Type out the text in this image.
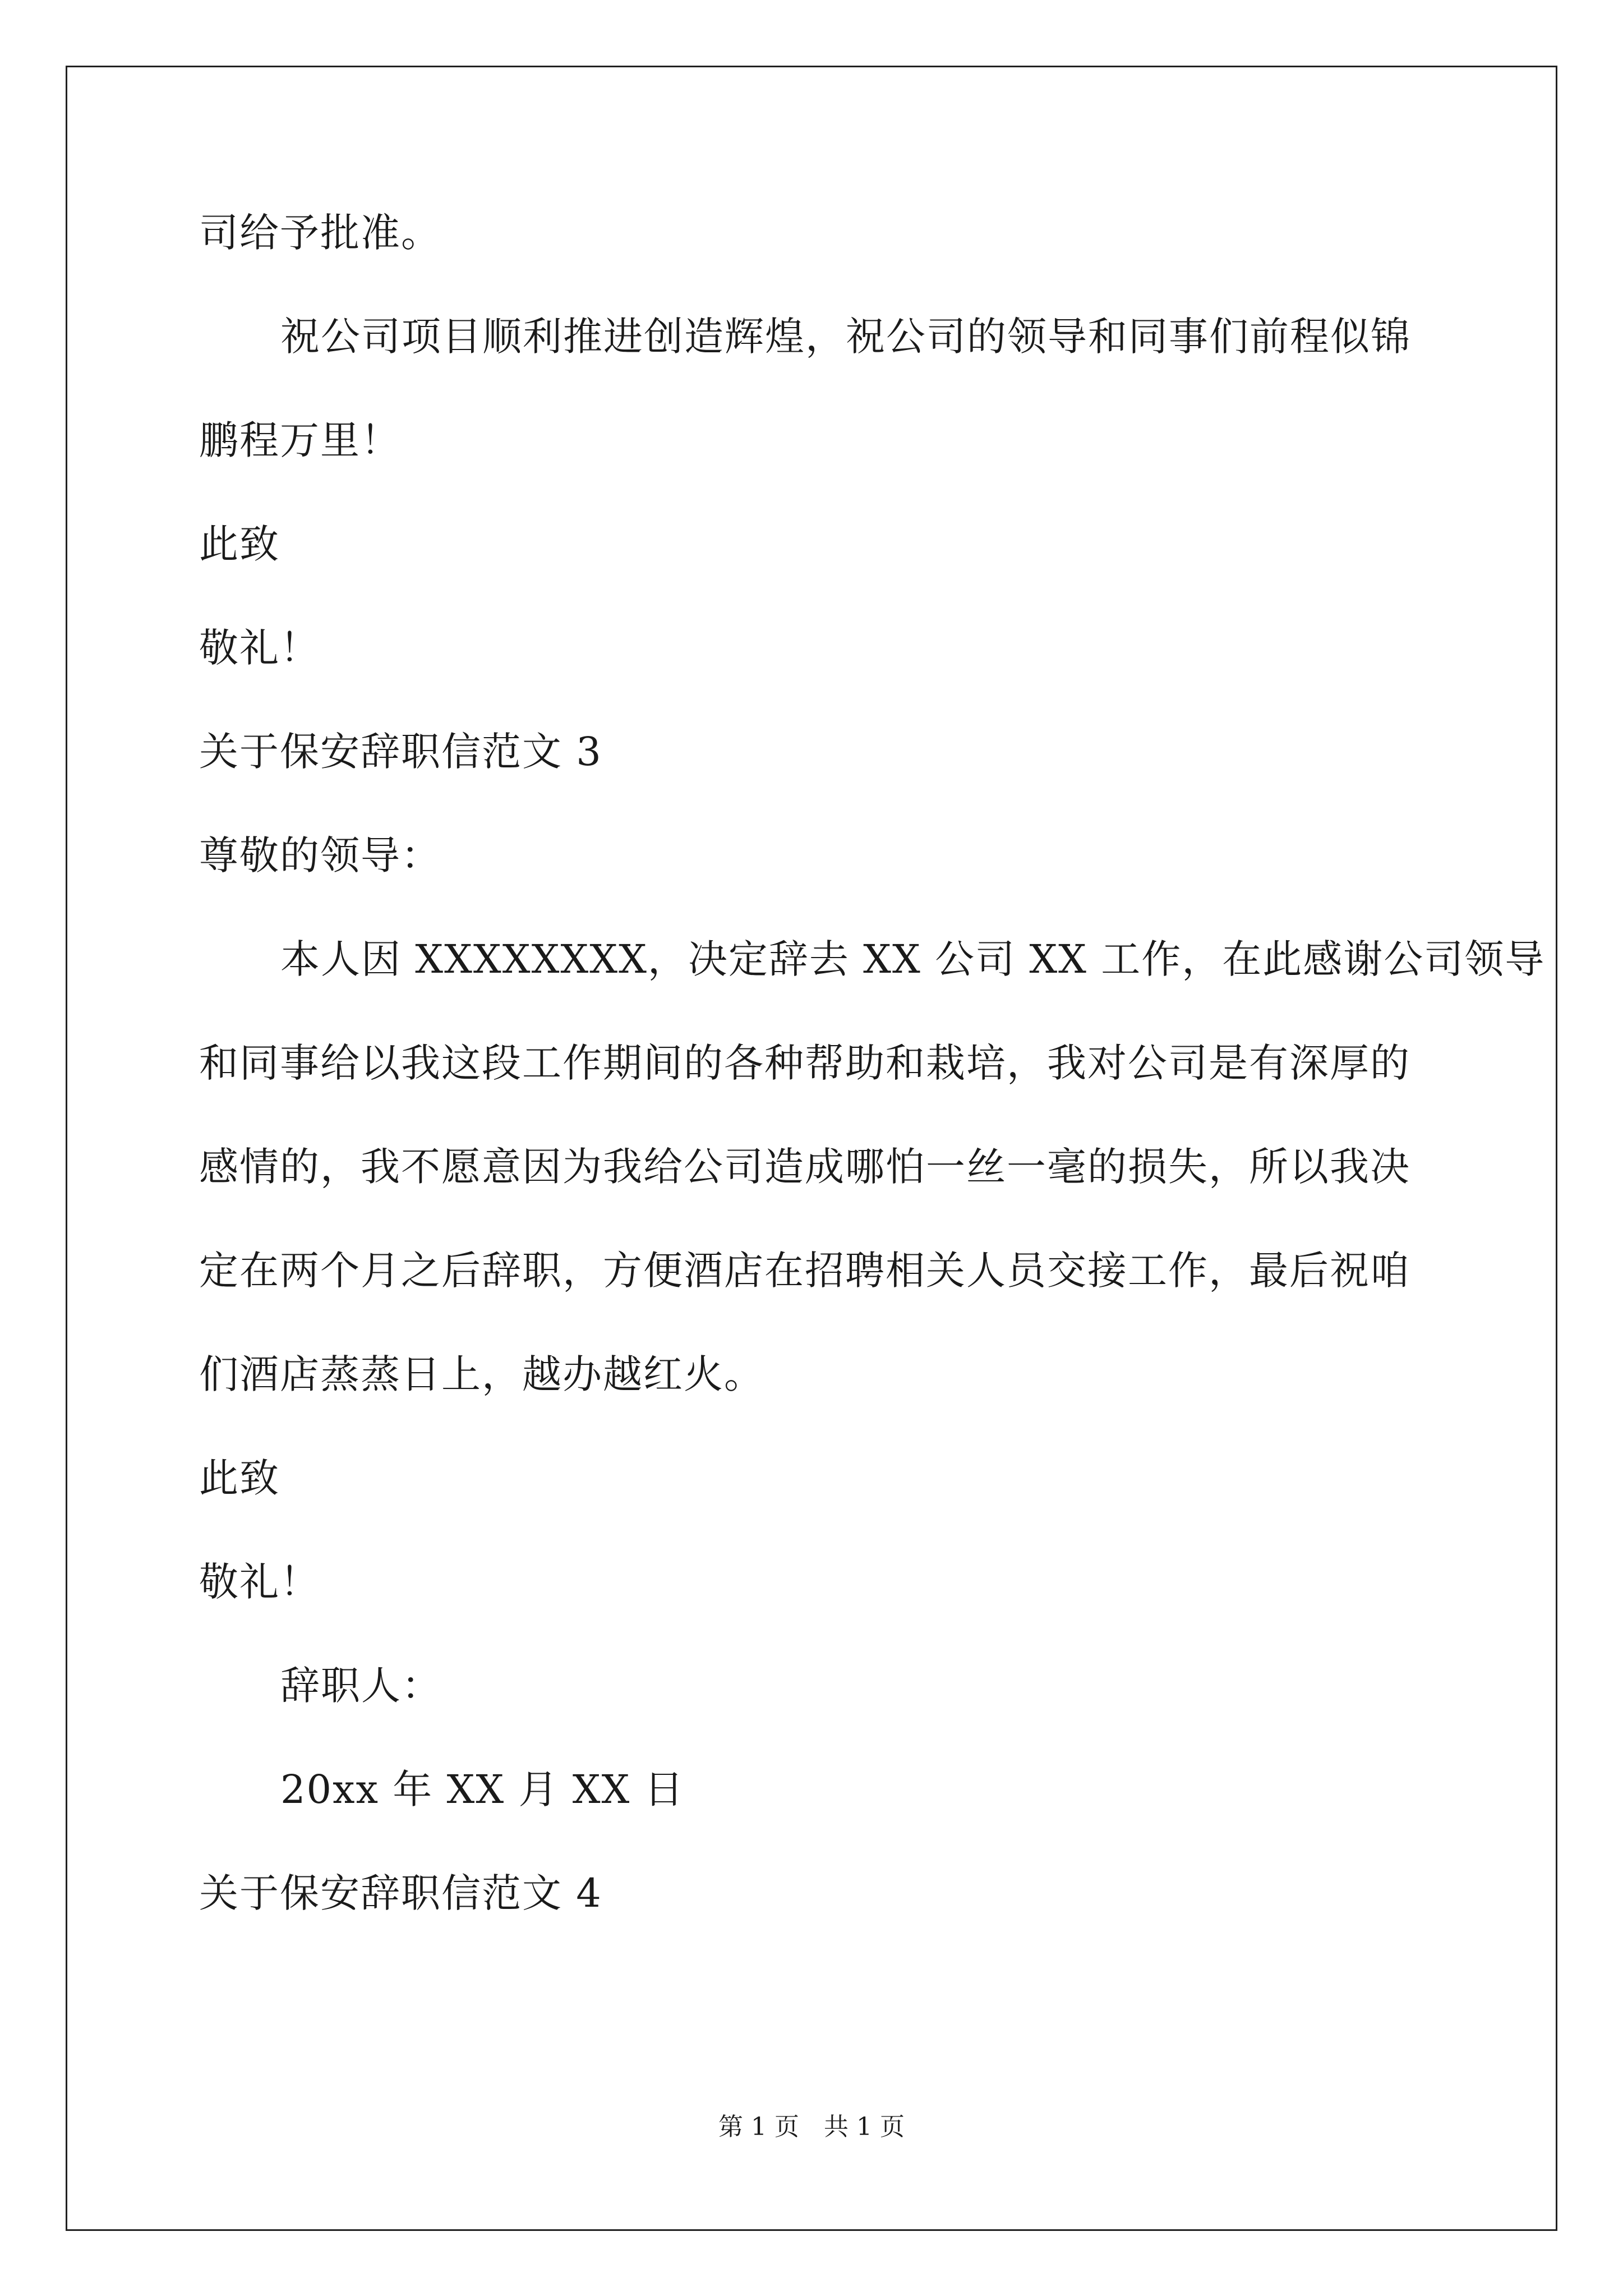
司给予批准。
祝公司项目顺利推进创造辉煌，祝公司的领导和同事们前程似锦
鹏程万里！
此致
敬礼！
关于保安辞职信范文 3
尊敬的领导：
本人因 XXXXXXXX，决定辞去 XX 公司 XX 工作，在此感谢公司领导
和同事给以我这段工作期间的各种帮助和栽培，我对公司是有深厚的
感情的，我不愿意因为我给公司造成哪怕一丝一毫的损失，所以我决
定在两个月之后辞职，方便酒店在招聘相关人员交接工作，最后祝咱
们酒店蒸蒸日上，越办越红火。
此致
敬礼！
辞职人：
20xx 年 XX 月 XX 日
关于保安辞职信范文 4
第 1 页　共 1 页
